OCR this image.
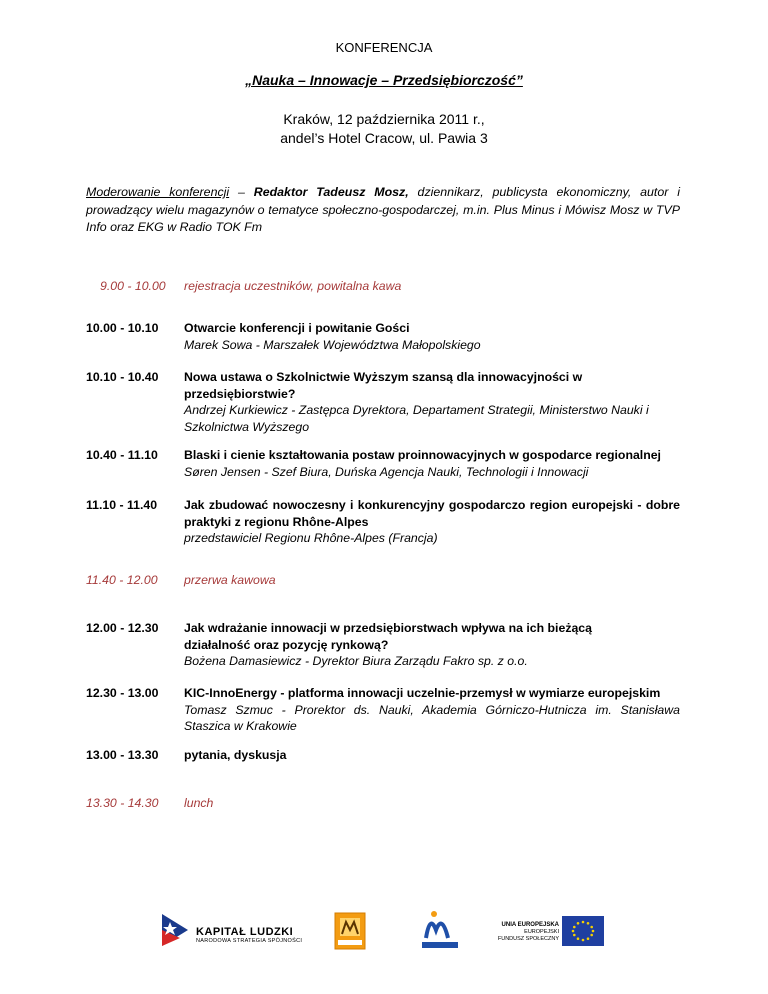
KONFERENCJA
„Nauka – Innowacje – Przedsiębiorczość”
Kraków, 12 października 2011 r.,
andel’s Hotel Cracow, ul. Pawia 3
Moderowanie konferencji – Redaktor Tadeusz Mosz, dziennikarz, publicysta ekonomiczny, autor i prowadzący wielu magazynów o tematyce społeczno-gospodarczej, m.in. Plus Minus i Mówisz Mosz w TVP Info oraz EKG w Radio TOK Fm
9.00 - 10.00	rejestracja uczestników, powitalna kawa
10.00 - 10.10	Otwarcie konferencji i powitanie Gości
Marek Sowa - Marszałek Województwa Małopolskiego
10.10 - 10.40	Nowa ustawa o Szkolnictwie Wyższym szansą dla innowacyjności w przedsiębiorstwie?
Andrzej Kurkiewicz - Zastępca Dyrektora, Departament Strategii, Ministerstwo Nauki i Szkolnictwa Wyższego
10.40 - 11.10	Blaski i cienie kształtowania postaw proinnowacyjnych w gospodarce regionalnej
Søren Jensen - Szef Biura, Duńska Agencja Nauki, Technologii i Innowacji
11.10 - 11.40	Jak zbudować nowoczesny i konkurencyjny gospodarczo region europejski - dobre praktyki z regionu Rhône-Alpes
przedstawiciel Regionu Rhône-Alpes (Francja)
11.40 - 12.00	przerwa kawowa
12.00 - 12.30	Jak wdrażanie innowacji w przedsiębiorstwach wpływa na ich bieżącą działalność oraz pozycję rynkową?
Bożena Damasiewicz - Dyrektor Biura Zarządu Fakro sp. z o.o.
12.30 - 13.00	KIC-InnoEnergy - platforma innowacji uczelnie-przemysł w wymiarze europejskim
Tomasz Szmuc - Prorektor ds. Nauki, Akademia Górniczo-Hutnicza im. Stanisława Staszica w Krakowie
13.00 - 13.30	pytania, dyskusja
13.30 - 14.30	lunch
KAPITAŁ LUDZKI
NARODOWA STRATEGIA SPÓJNOŚCI
UNIA EUROPEJSKA
EUROPEJSKI
FUNDUSZ SPOŁECZNY
